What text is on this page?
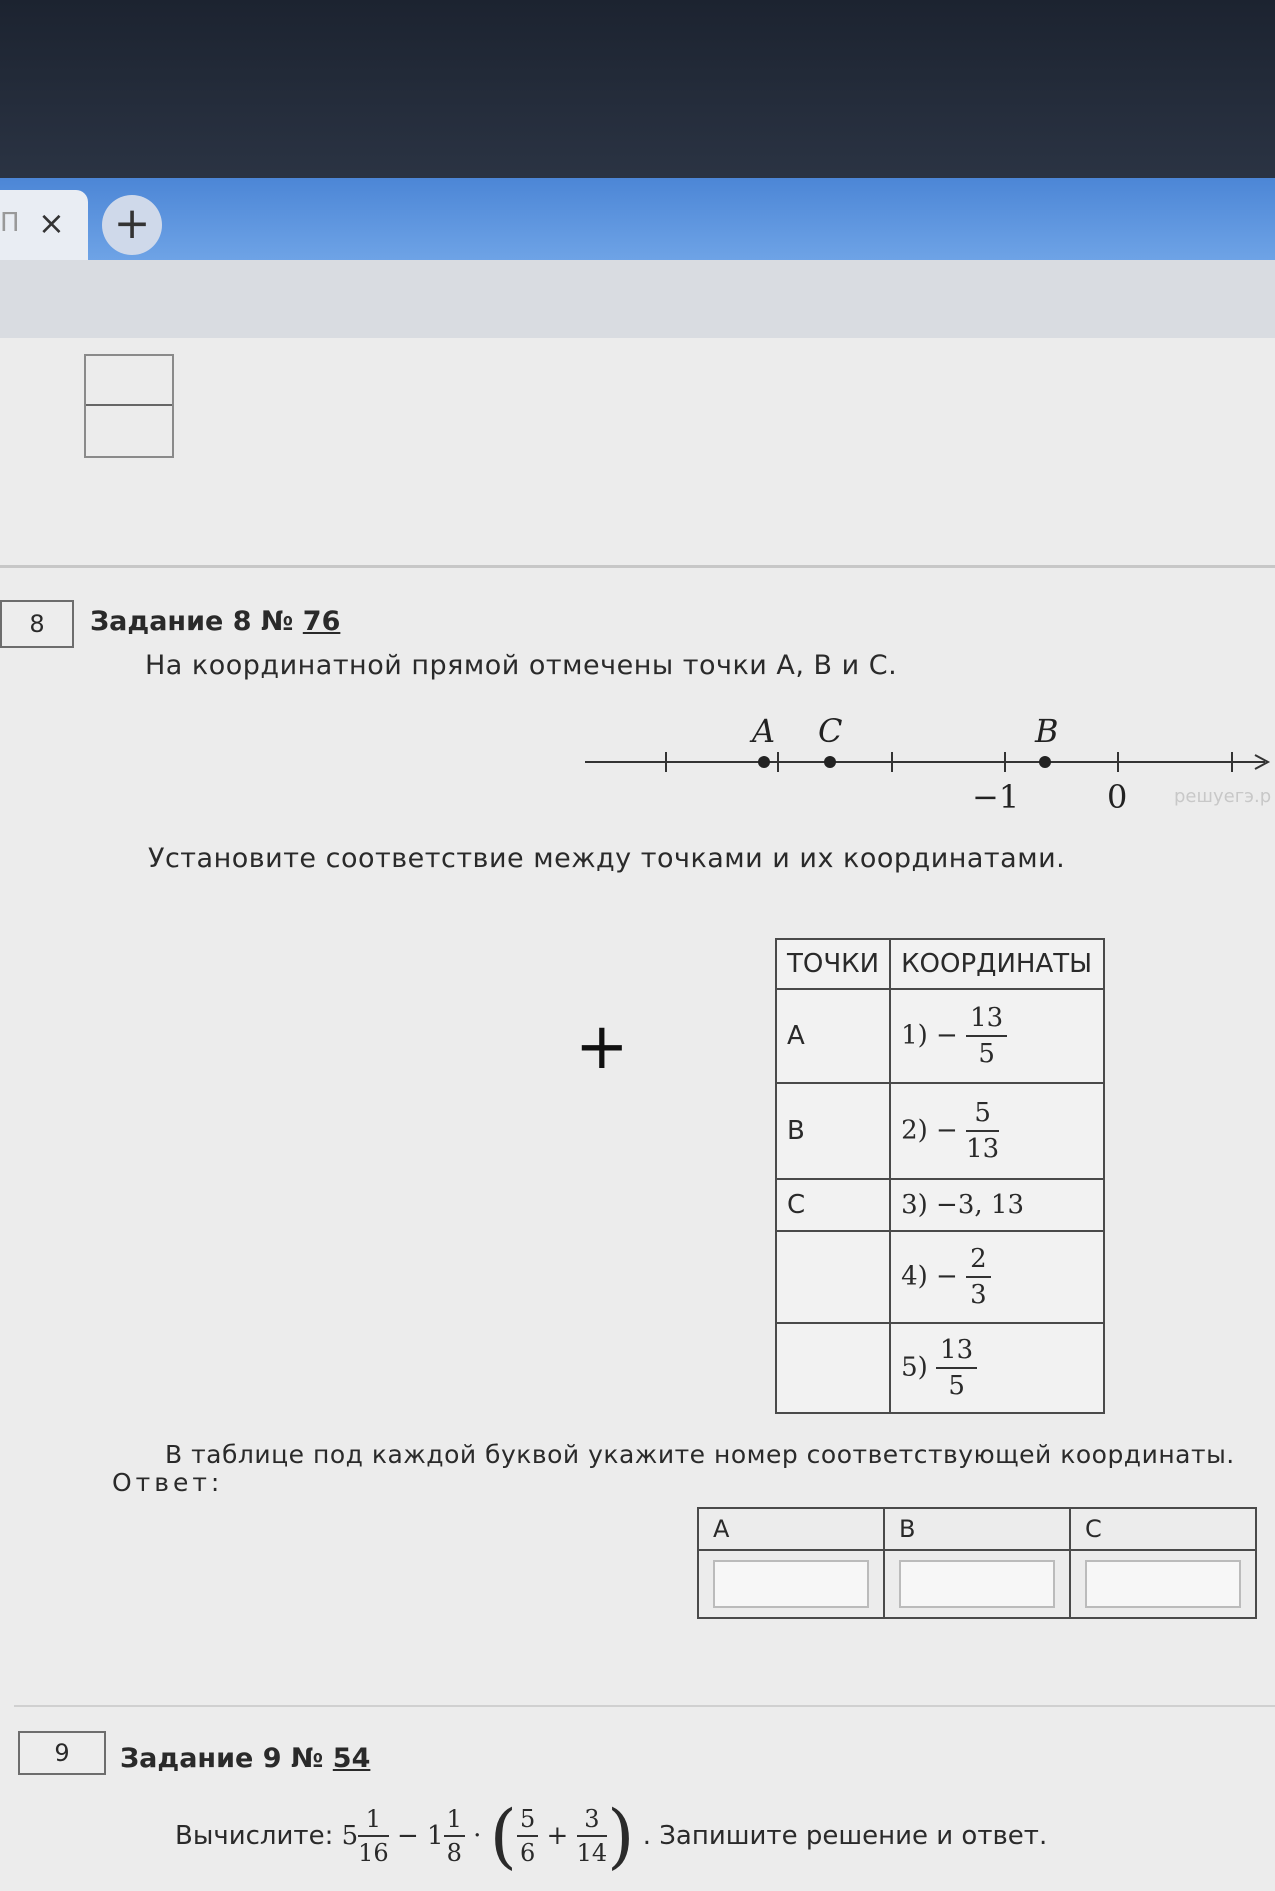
П × +
8	Задание 8 № 76
На координатной прямой отмечены точки A, B и C.
A C	B
−1	0	решуегэ.р
Установите соответствие между точками и их координатами.
+
ТОЧКИ	КООРДИНАТЫ
A	$1) - \frac{13}{5}$

B	$2) - \frac{5}{13}$

C	3) −3, 13
	$4) - \frac{2}{3}$

	$5) \frac{13}{5}$
В таблице под каждой буквой укажите номер соответствующей координаты.
Ответ:
A	B	C

9	Задание 9 № 54
Вычислите: $5 \frac{1}{16} - 1 \frac{1}{8}$ · ( $\frac{5}{6} + \frac{3}{14}$ ) . Запишите решение и ответ.
